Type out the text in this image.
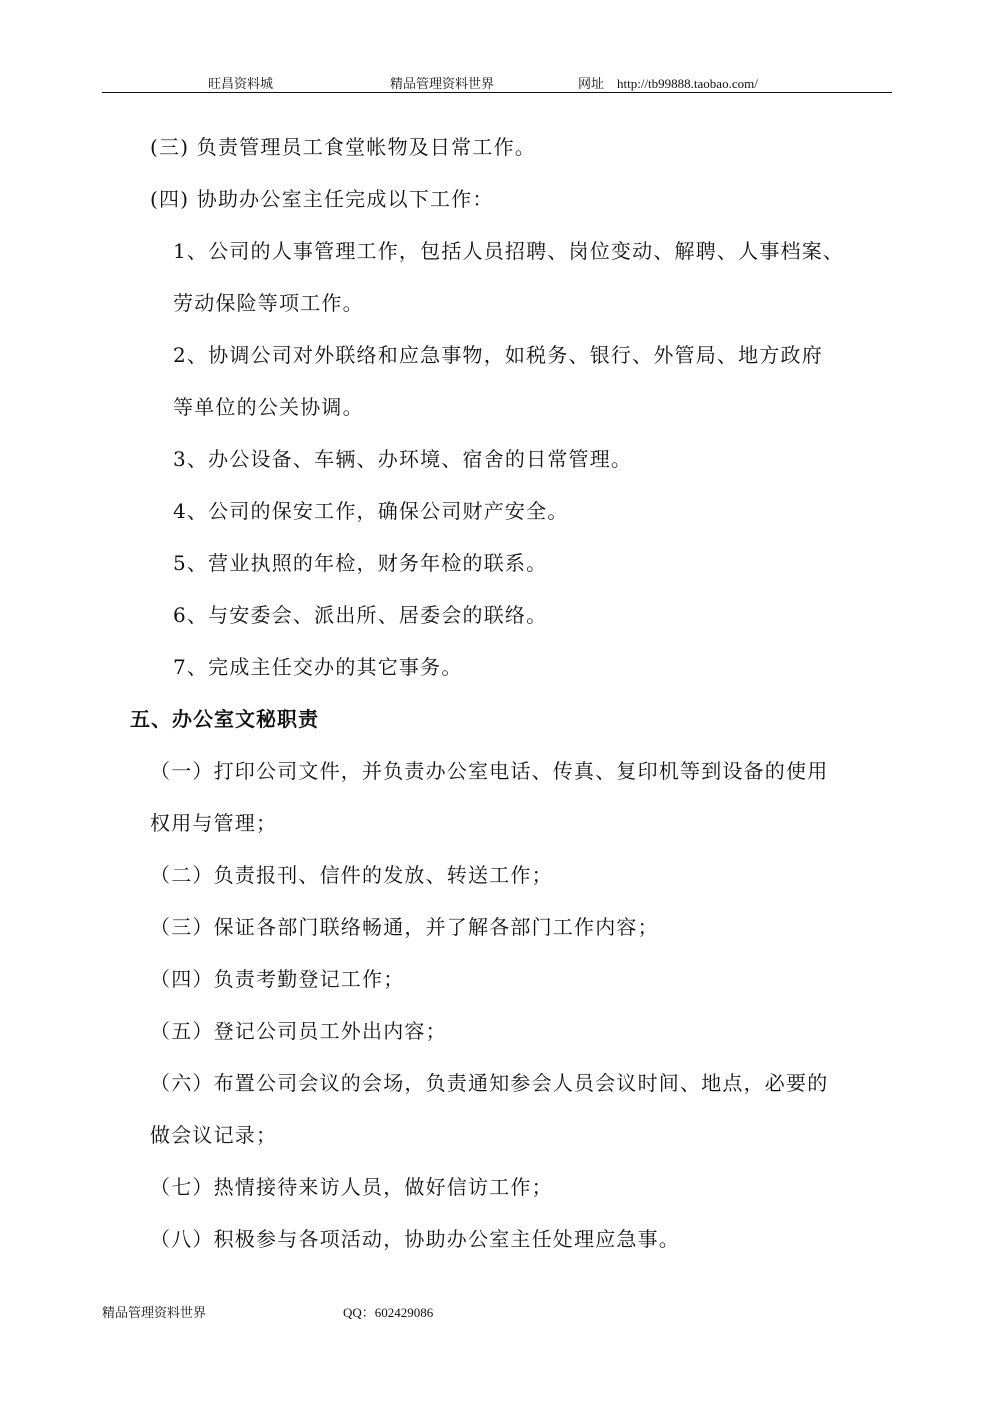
旺昌资料城	精品管理资料世界	网址　http://tb99888.taobao.com/
(三) 负责管理员工食堂帐物及日常工作。
(四) 协助办公室主任完成以下工作：
1、公司的人事管理工作，包括人员招聘、岗位变动、解聘、人事档案、
劳动保险等项工作。
2、协调公司对外联络和应急事物，如税务、银行、外管局、地方政府
等单位的公关协调。
3、办公设备、车辆、办环境、宿舍的日常管理。
4、公司的保安工作，确保公司财产安全。
5、营业执照的年检，财务年检的联系。
6、与安委会、派出所、居委会的联络。
7、完成主任交办的其它事务。
五、办公室文秘职责
（一）打印公司文件，并负责办公室电话、传真、复印机等到设备的使用
权用与管理；
（二）负责报刊、信件的发放、转送工作；
（三）保证各部门联络畅通，并了解各部门工作内容；
（四）负责考勤登记工作；
（五）登记公司员工外出内容；
（六）布置公司会议的会场，负责通知参会人员会议时间、地点，必要的
做会议记录；
（七）热情接待来访人员，做好信访工作；
（八）积极参与各项活动，协助办公室主任处理应急事。
精品管理资料世界	QQ：602429086
